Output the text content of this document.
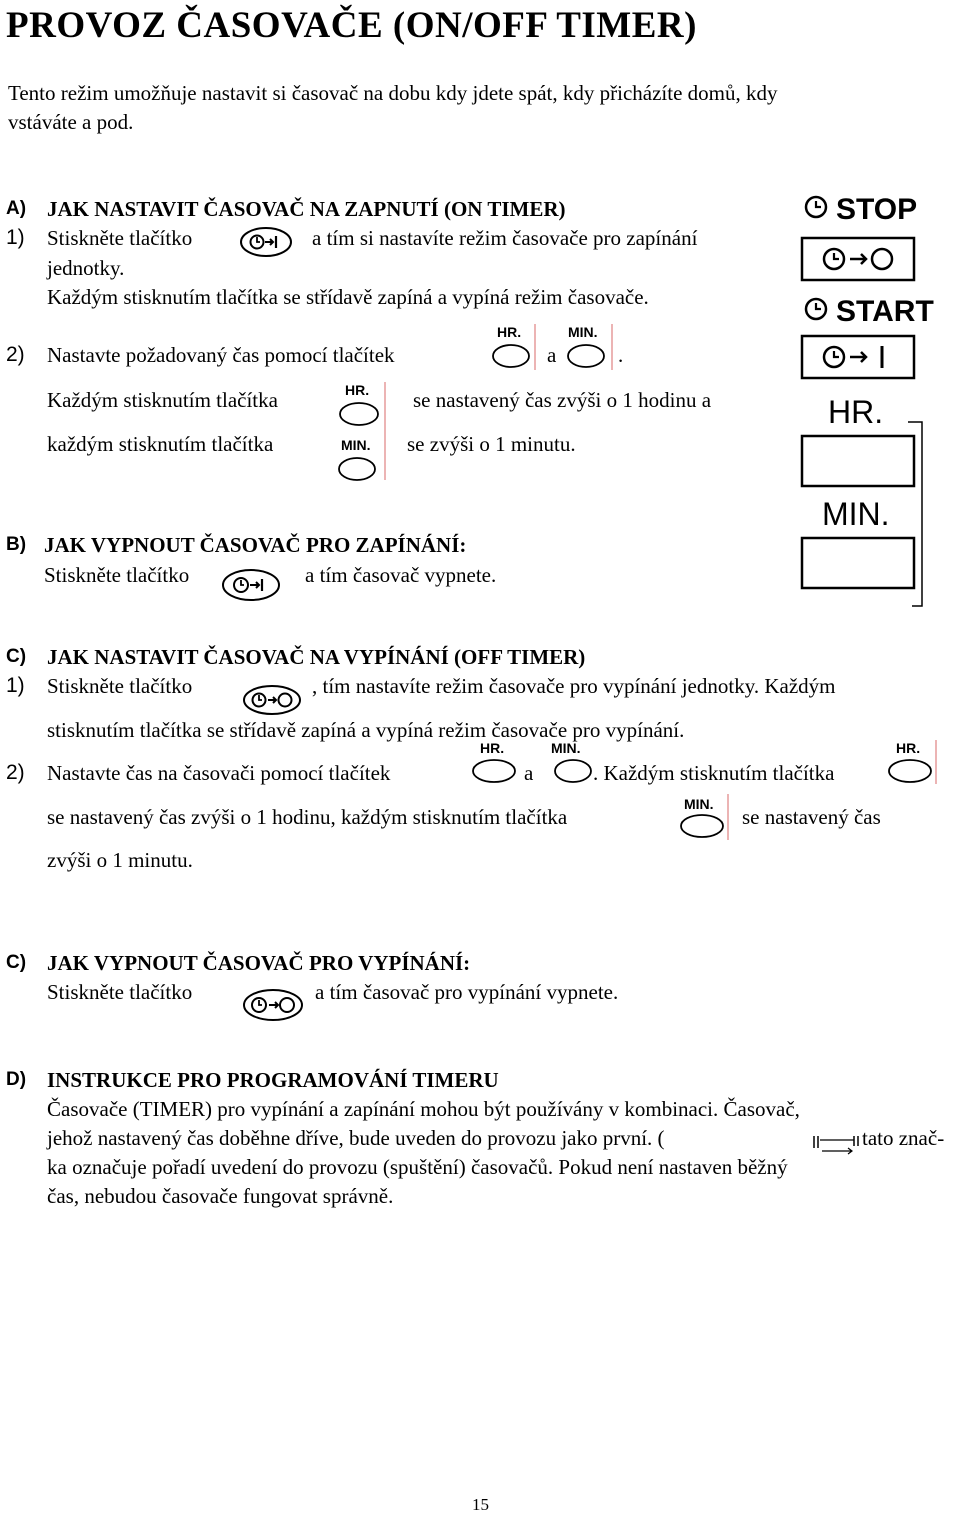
PROVOZ ČASOVAČE (ON/OFF TIMER)
Tento režim umožňuje nastavit si časovač na dobu kdy jdete spát, kdy přicházíte domů, kdy
vstáváte a pod.
A) JAK NASTAVIT ČASOVAČ NA ZAPNUTÍ (ON TIMER)
1) Stiskněte tlačítko	a tím si nastavíte režim časovače pro zapínání
jednotky.
Každým stisknutím tlačítka se střídavě zapíná a vypíná režim časovače.
2) Nastavte požadovaný čas pomocí tlačítek
HR.
a
MIN.
.
Každým stisknutím tlačítka	HR. se nastavený čas zvýši o 1 hodinu a
každým stisknutím tlačítka	MIN. se zvýši o 1 minutu.
B) JAK VYPNOUT ČASOVAČ PRO ZAPÍNÁNÍ:
Stiskněte tlačítko	a tím časovač vypnete.
STOP
START
HR.
MIN.
C) JAK NASTAVIT ČASOVAČ NA VYPÍNÁNÍ (OFF TIMER)
1) Stiskněte tlačítko	, tím nastavíte režim časovače pro vypínání jednotky. Každým
stisknutím tlačítka se střídavě zapíná a vypíná režim časovače pro vypínání.
2) Nastavte čas na časovači pomocí tlačítek
HR.
a
MIN.
. Každým stisknutím tlačítka
HR.
se nastavený čas zvýši o 1 hodinu, každým stisknutím tlačítka
MIN.
se nastavený čas
zvýši o 1 minutu.
C) JAK VYPNOUT ČASOVAČ PRO VYPÍNÁNÍ:
Stiskněte tlačítko	a tím časovač pro vypínání vypnete.
D) INSTRUKCE PRO PROGRAMOVÁNÍ TIMERU
Časovače (TIMER) pro vypínání a zapínání mohou být používány v kombinaci. Časovač,
jehož nastavený čas doběhne dříve, bude uveden do provozu jako první. (	tato znač-
ka označuje pořadí uvedení do provozu (spuštění) časovačů. Pokud není nastaven běžný
čas, nebudou časovače fungovat správně.
15
